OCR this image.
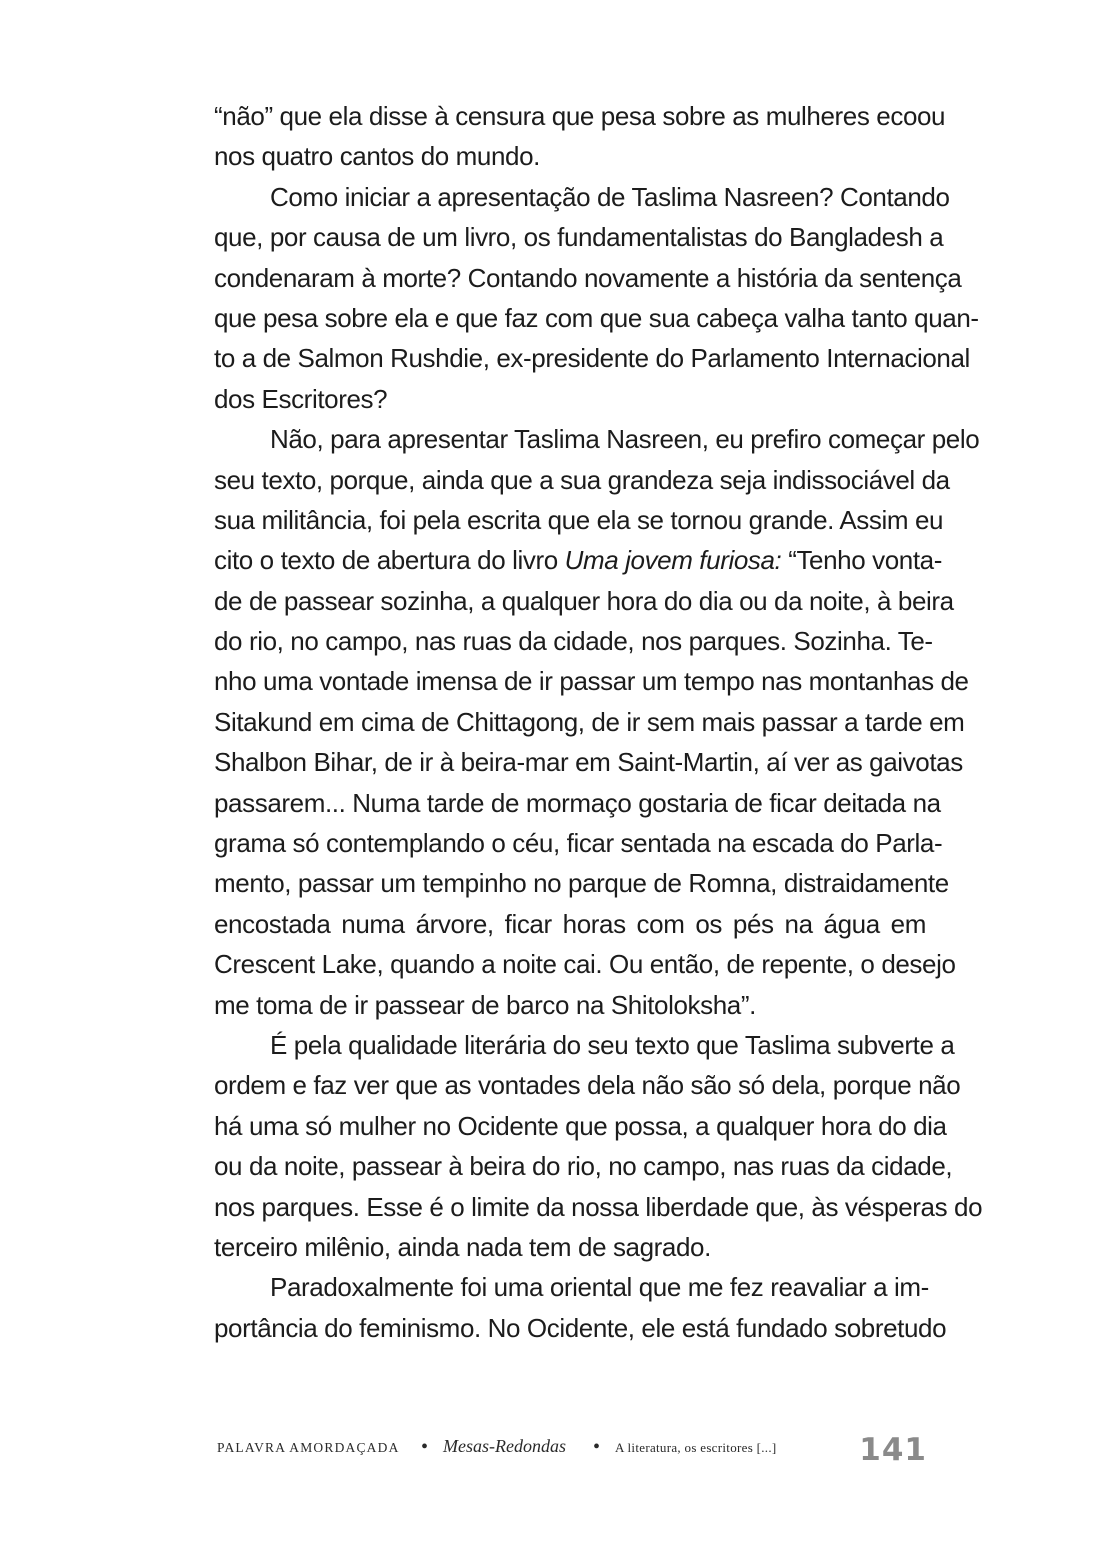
“não” que ela disse à censura que pesa sobre as mulheres ecoou
nos quatro cantos do mundo.
Como iniciar a apresentação de Taslima Nasreen? Contando
que, por causa de um livro, os fundamentalistas do Bangladesh a
condenaram à morte? Contando novamente a história da sentença
que pesa sobre ela e que faz com que sua cabeça valha tanto quan-
to a de Salmon Rushdie, ex-presidente do Parlamento Internacional
dos Escritores?
Não, para apresentar Taslima Nasreen, eu prefiro começar pelo
seu texto, porque, ainda que a sua grandeza seja indissociável da
sua militância, foi pela escrita que ela se tornou grande. Assim eu
cito o texto de abertura do livro Uma jovem furiosa: “Tenho vonta-
de de passear sozinha, a qualquer hora do dia ou da noite, à beira
do rio, no campo, nas ruas da cidade, nos parques. Sozinha. Te-
nho uma vontade imensa de ir passar um tempo nas montanhas de
Sitakund em cima de Chittagong, de ir sem mais passar a tarde em
Shalbon Bihar, de ir à beira-mar em Saint-Martin, aí ver as gaivotas
passarem... Numa tarde de mormaço gostaria de ficar deitada na
grama só contemplando o céu, ficar sentada na escada do Parla-
mento, passar um tempinho no parque de Romna, distraidamente
encostada numa árvore, ficar horas com os pés na água em
Crescent Lake, quando a noite cai. Ou então, de repente, o desejo
me toma de ir passear de barco na Shitoloksha”.
É pela qualidade literária do seu texto que Taslima subverte a
ordem e faz ver que as vontades dela não são só dela, porque não
há uma só mulher no Ocidente que possa, a qualquer hora do dia
ou da noite, passear à beira do rio, no campo, nas ruas da cidade,
nos parques. Esse é o limite da nossa liberdade que, às vésperas do
terceiro milênio, ainda nada tem de sagrado.
Paradoxalmente foi uma oriental que me fez reavaliar a im-
portância do feminismo. No Ocidente, ele está fundado sobretudo
PALAVRA AMORDAÇADA • Mesas-Redondas • A literatura, os escritores [...]	141
